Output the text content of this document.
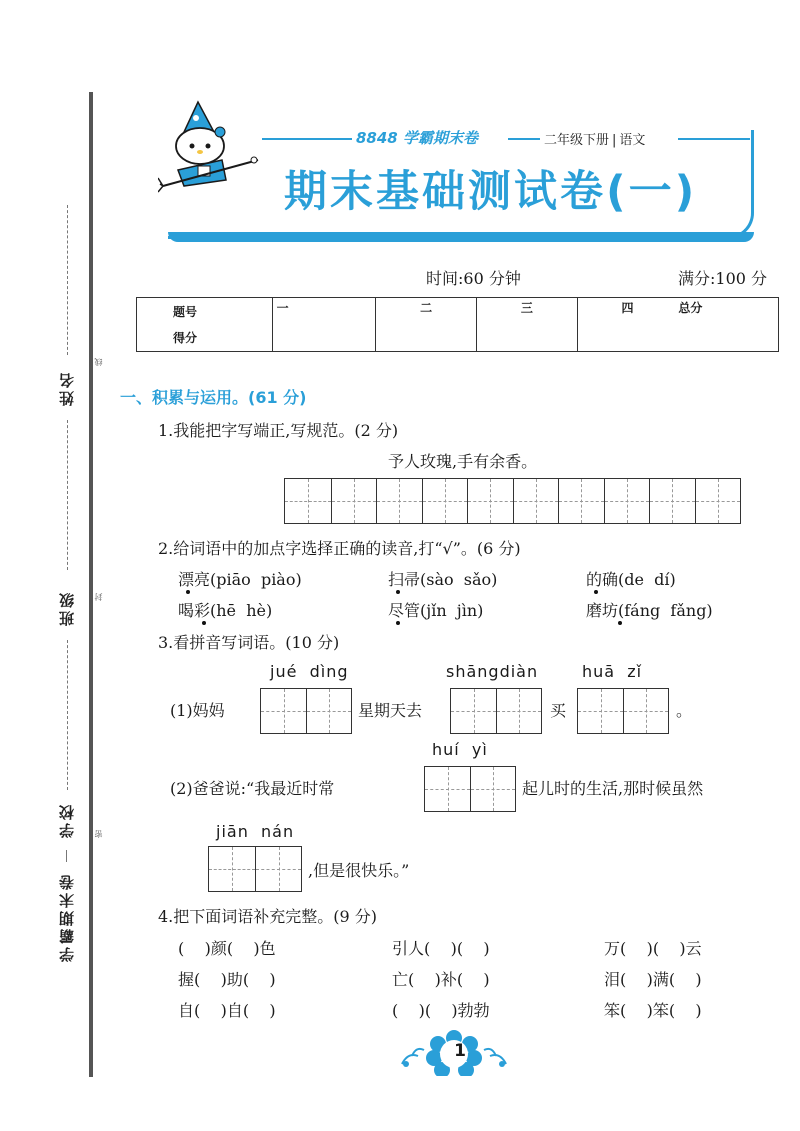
姓名
班级
学校
学霸期末卷
线
封
密
8848 学霸期末卷	二年级下册 | 语文
期末基础测试卷(一)
时间:60 分钟	满分:100 分
题号	一	二	三	四	总分

得分
一、积累与运用。(61 分)
1.我能把字写端正,写规范。(2 分)
予人玫瑰,手有余香。
2.给词语中的加点字选择正确的读音,打“√”。(6 分)
漂亮(piāo  piào)	扫帚(sào  sǎo)	的确(de  dí)
喝彩(hē  hè)	尽管(jǐn  jìn)	磨坊(fáng  fǎng)
3.看拼音写词语。(10 分)
jué  dìng	shāngdiàn	huā  zǐ
(1)妈妈	星期天去	买	。
huí  yì
(2)爸爸说:“我最近时常	起儿时的生活,那时候虽然
jiān  nán
,但是很快乐。”
4.把下面词语补充完整。(9 分)
(    )颜(    )色	引人(    )(    )	万(    )(    )云
握(    )助(    )	亡(    )补(    )	泪(    )满(    )
自(    )自(    )	(    )(    )勃勃	笨(    )笨(    )
1
